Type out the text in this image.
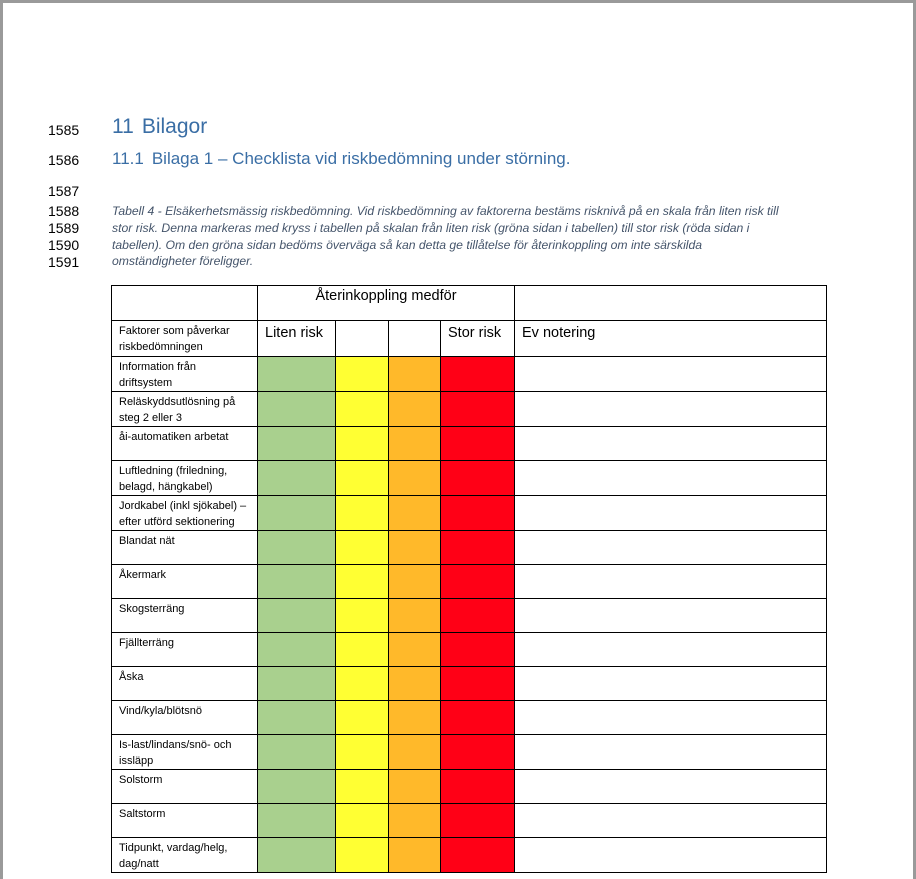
1585
1586
1587
1588
1589
1590
1591
11 Bilagor
11.1 Bilaga 1 – Checklista vid riskbedömning under störning.
Tabell 4 - Elsäkerhetsmässig riskbedömning. Vid riskbedömning av faktorerna bestäms risknivå på en skala från liten risk till
stor risk. Denna markeras med kryss i tabellen på skalan från liten risk (gröna sidan i tabellen) till stor risk (röda sidan i
tabellen). Om den gröna sidan bedöms överväga så kan detta ge tillåtelse för återinkoppling om inte särskilda
omständigheter föreligger.
	Återinkoppling medför				

Faktorer som påverkar
riskbedömningen	Liten risk			Stor risk	Ev notering

Information från
driftsystem					

Reläskyddsutlösning på
steg 2 eller 3					

åi-automatiken arbetat					

Luftledning (friledning,
belagd, hängkabel)					

Jordkabel (inkl sjökabel) –
efter utförd sektionering					

Blandat nät					

Åkermark					

Skogsterräng					

Fjällterräng					

Åska					

Vind/kyla/blötsnö					

Is-last/lindans/snö- och
issläpp					

Solstorm					

Saltstorm					

Tidpunkt, vardag/helg,
dag/natt					
